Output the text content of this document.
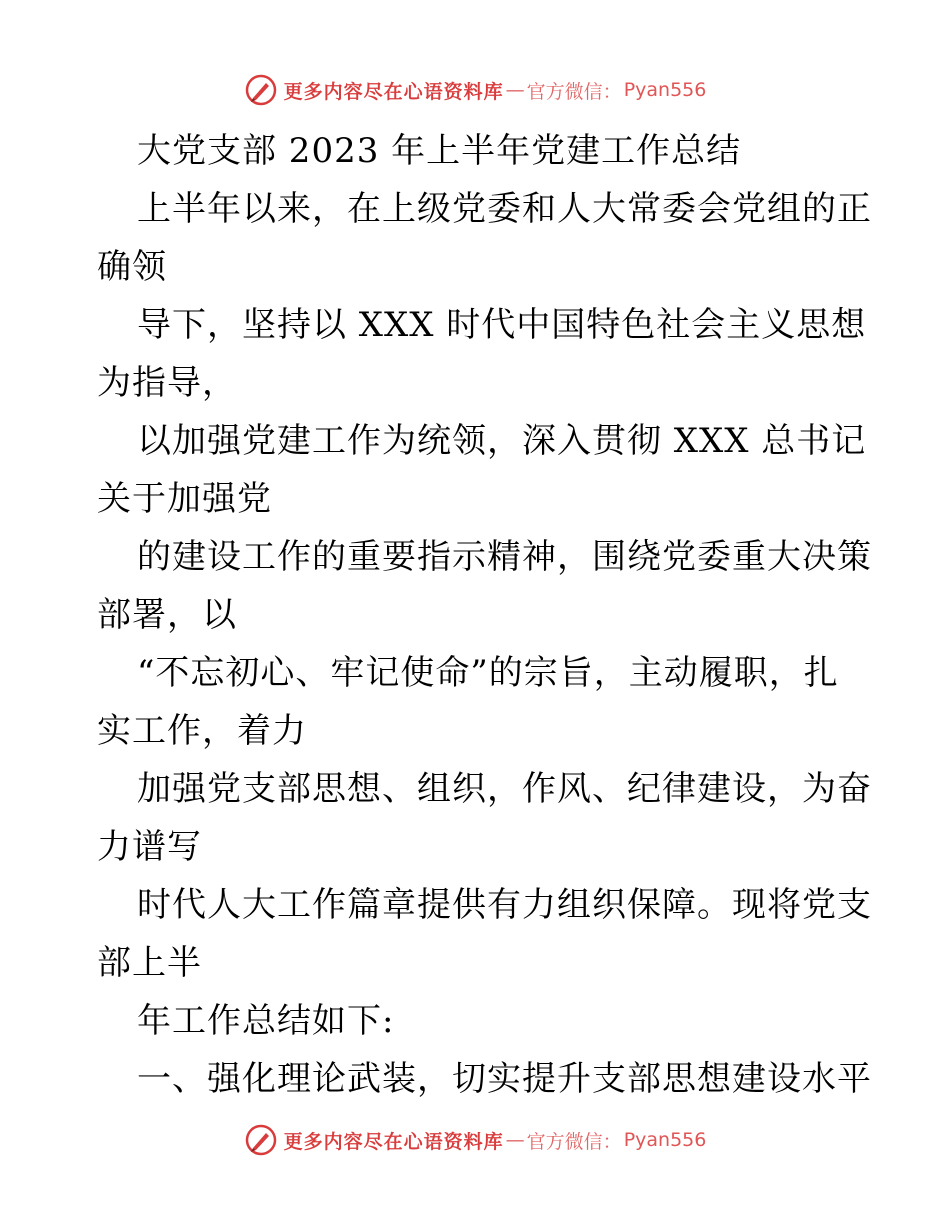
更多内容尽在心语资料库 — 官方微信： Pyan556
大党支部 2023 年上半年党建工作总结
上半年以来，在上级党委和人大常委会党组的正
确领
导下，坚持以 XXX 时代中国特色社会主义思想
为指导，
以加强党建工作为统领，深入贯彻 XXX 总书记
关于加强党
的建设工作的重要指示精神，围绕党委重大决策
部署，以
“不忘初心、牢记使命”的宗旨，主动履职，扎
实工作，着力
加强党支部思想、组织，作风、纪律建设，为奋
力谱写
时代人大工作篇章提供有力组织保障。现将党支
部上半
年工作总结如下:
一、强化理论武装，切实提升支部思想建设水平
更多内容尽在心语资料库 — 官方微信： Pyan556
